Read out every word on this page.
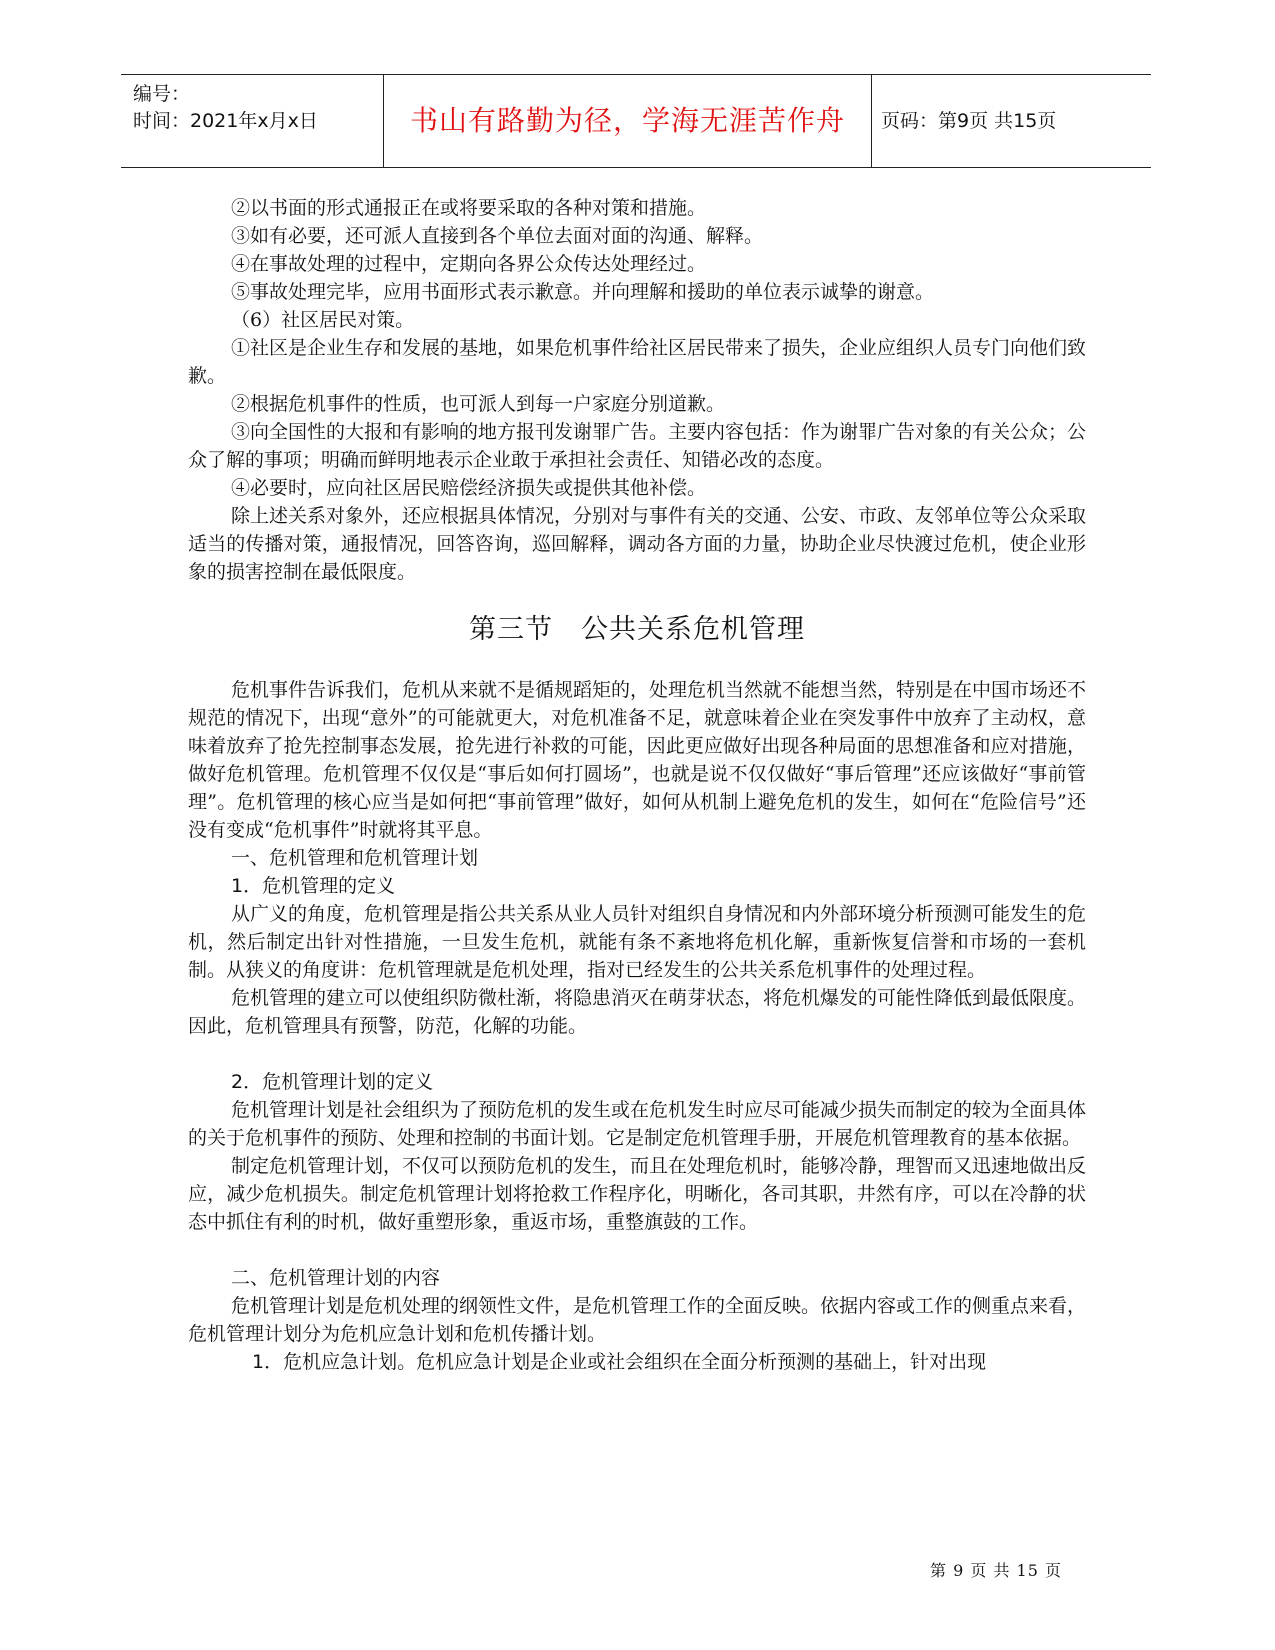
编号：
时间：2021年x月x日	书山有路勤为径，学海无涯苦作舟	页码：第9页 共15页

②以书面的形式通报正在或将要采取的各种对策和措施。

③如有必要，还可派人直接到各个单位去面对面的沟通、解释。

④在事故处理的过程中，定期向各界公众传达处理经过。

⑤事故处理完毕，应用书面形式表示歉意。并向理解和援助的单位表示诚挚的谢意。

（6）社区居民对策。

①社区是企业生存和发展的基地，如果危机事件给社区居民带来了损失，企业应组织人员专门向他们致歉。

②根据危机事件的性质，也可派人到每一户家庭分别道歉。

③向全国性的大报和有影响的地方报刊发谢罪广告。主要内容包括：作为谢罪广告对象的有关公众；公众了解的事项；明确而鲜明地表示企业敢于承担社会责任、知错必改的态度。

④必要时，应向社区居民赔偿经济损失或提供其他补偿。

除上述关系对象外，还应根据具体情况，分别对与事件有关的交通、公安、市政、友邻单位等公众采取适当的传播对策，通报情况，回答咨询，巡回解释，调动各方面的力量，协助企业尽快渡过危机，使企业形象的损害控制在最低限度。

第三节　公共关系危机管理

危机事件告诉我们，危机从来就不是循规蹈矩的，处理危机当然就不能想当然，特别是在中国市场还不规范的情况下，出现“意外”的可能就更大，对危机准备不足，就意味着企业在突发事件中放弃了主动权，意味着放弃了抢先控制事态发展，抢先进行补救的可能，因此更应做好出现各种局面的思想准备和应对措施，做好危机管理。危机管理不仅仅是“事后如何打圆场”，也就是说不仅仅做好“事后管理”还应该做好“事前管理”。危机管理的核心应当是如何把“事前管理”做好，如何从机制上避免危机的发生，如何在“危险信号”还没有变成“危机事件”时就将其平息。

一、危机管理和危机管理计划

1．危机管理的定义

从广义的角度，危机管理是指公共关系从业人员针对组织自身情况和内外部环境分析预测可能发生的危机，然后制定出针对性措施，一旦发生危机，就能有条不紊地将危机化解，重新恢复信誉和市场的一套机制。从狭义的角度讲：危机管理就是危机处理，指对已经发生的公共关系危机事件的处理过程。

危机管理的建立可以使组织防微杜渐，将隐患消灭在萌芽状态，将危机爆发的可能性降低到最低限度。因此，危机管理具有预警，防范，化解的功能。

2．危机管理计划的定义

危机管理计划是社会组织为了预防危机的发生或在危机发生时应尽可能减少损失而制定的较为全面具体的关于危机事件的预防、处理和控制的书面计划。它是制定危机管理手册，开展危机管理教育的基本依据。

制定危机管理计划，不仅可以预防危机的发生，而且在处理危机时，能够冷静，理智而又迅速地做出反应，减少危机损失。制定危机管理计划将抢救工作程序化，明晰化，各司其职，井然有序，可以在冷静的状态中抓住有利的时机，做好重塑形象，重返市场，重整旗鼓的工作。

二、危机管理计划的内容

危机管理计划是危机处理的纲领性文件，是危机管理工作的全面反映。依据内容或工作的侧重点来看，危机管理计划分为危机应急计划和危机传播计划。

1．危机应急计划。危机应急计划是企业或社会组织在全面分析预测的基础上，针对出现

第 9 页 共 15 页
